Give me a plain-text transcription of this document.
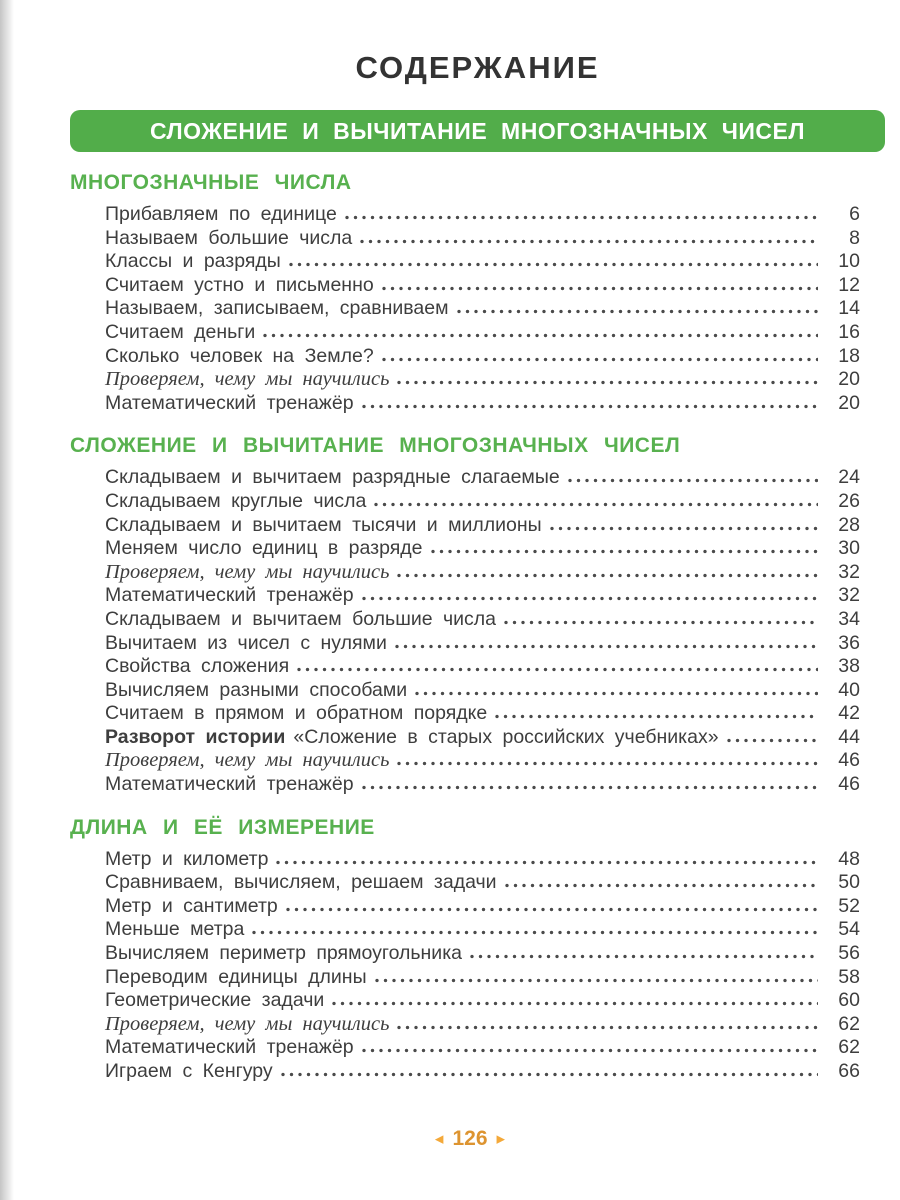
СОДЕРЖАНИЕ
СЛОЖЕНИЕ И ВЫЧИТАНИЕ МНОГОЗНАЧНЫХ ЧИСЕЛ
МНОГОЗНАЧНЫЕ ЧИСЛА
Прибавляем по единице	6
Называем большие числа	8
Классы и разряды	10
Считаем устно и письменно	12
Называем, записываем, сравниваем	14
Считаем деньги	16
Сколько человек на Земле?	18
Проверяем, чему мы научились	20
Математический тренажёр	20
СЛОЖЕНИЕ И ВЫЧИТАНИЕ МНОГОЗНАЧНЫХ ЧИСЕЛ
Складываем и вычитаем разрядные слагаемые	24
Складываем круглые числа	26
Складываем и вычитаем тысячи и миллионы	28
Меняем число единиц в разряде	30
Проверяем, чему мы научились	32
Математический тренажёр	32
Складываем и вычитаем большие числа	34
Вычитаем из чисел с нулями	36
Свойства сложения	38
Вычисляем разными способами	40
Считаем в прямом и обратном порядке	42
Разворот истории «Сложение в старых российских учебниках»	44
Проверяем, чему мы научились	46
Математический тренажёр	46
ДЛИНА И ЕЁ ИЗМЕРЕНИЕ
Метр и километр	48
Сравниваем, вычисляем, решаем задачи	50
Метр и сантиметр	52
Меньше метра	54
Вычисляем периметр прямоугольника	56
Переводим единицы длины	58
Геометрические задачи	60
Проверяем, чему мы научились	62
Математический тренажёр	62
Играем с Кенгуру	66
◂ 126 ▸
